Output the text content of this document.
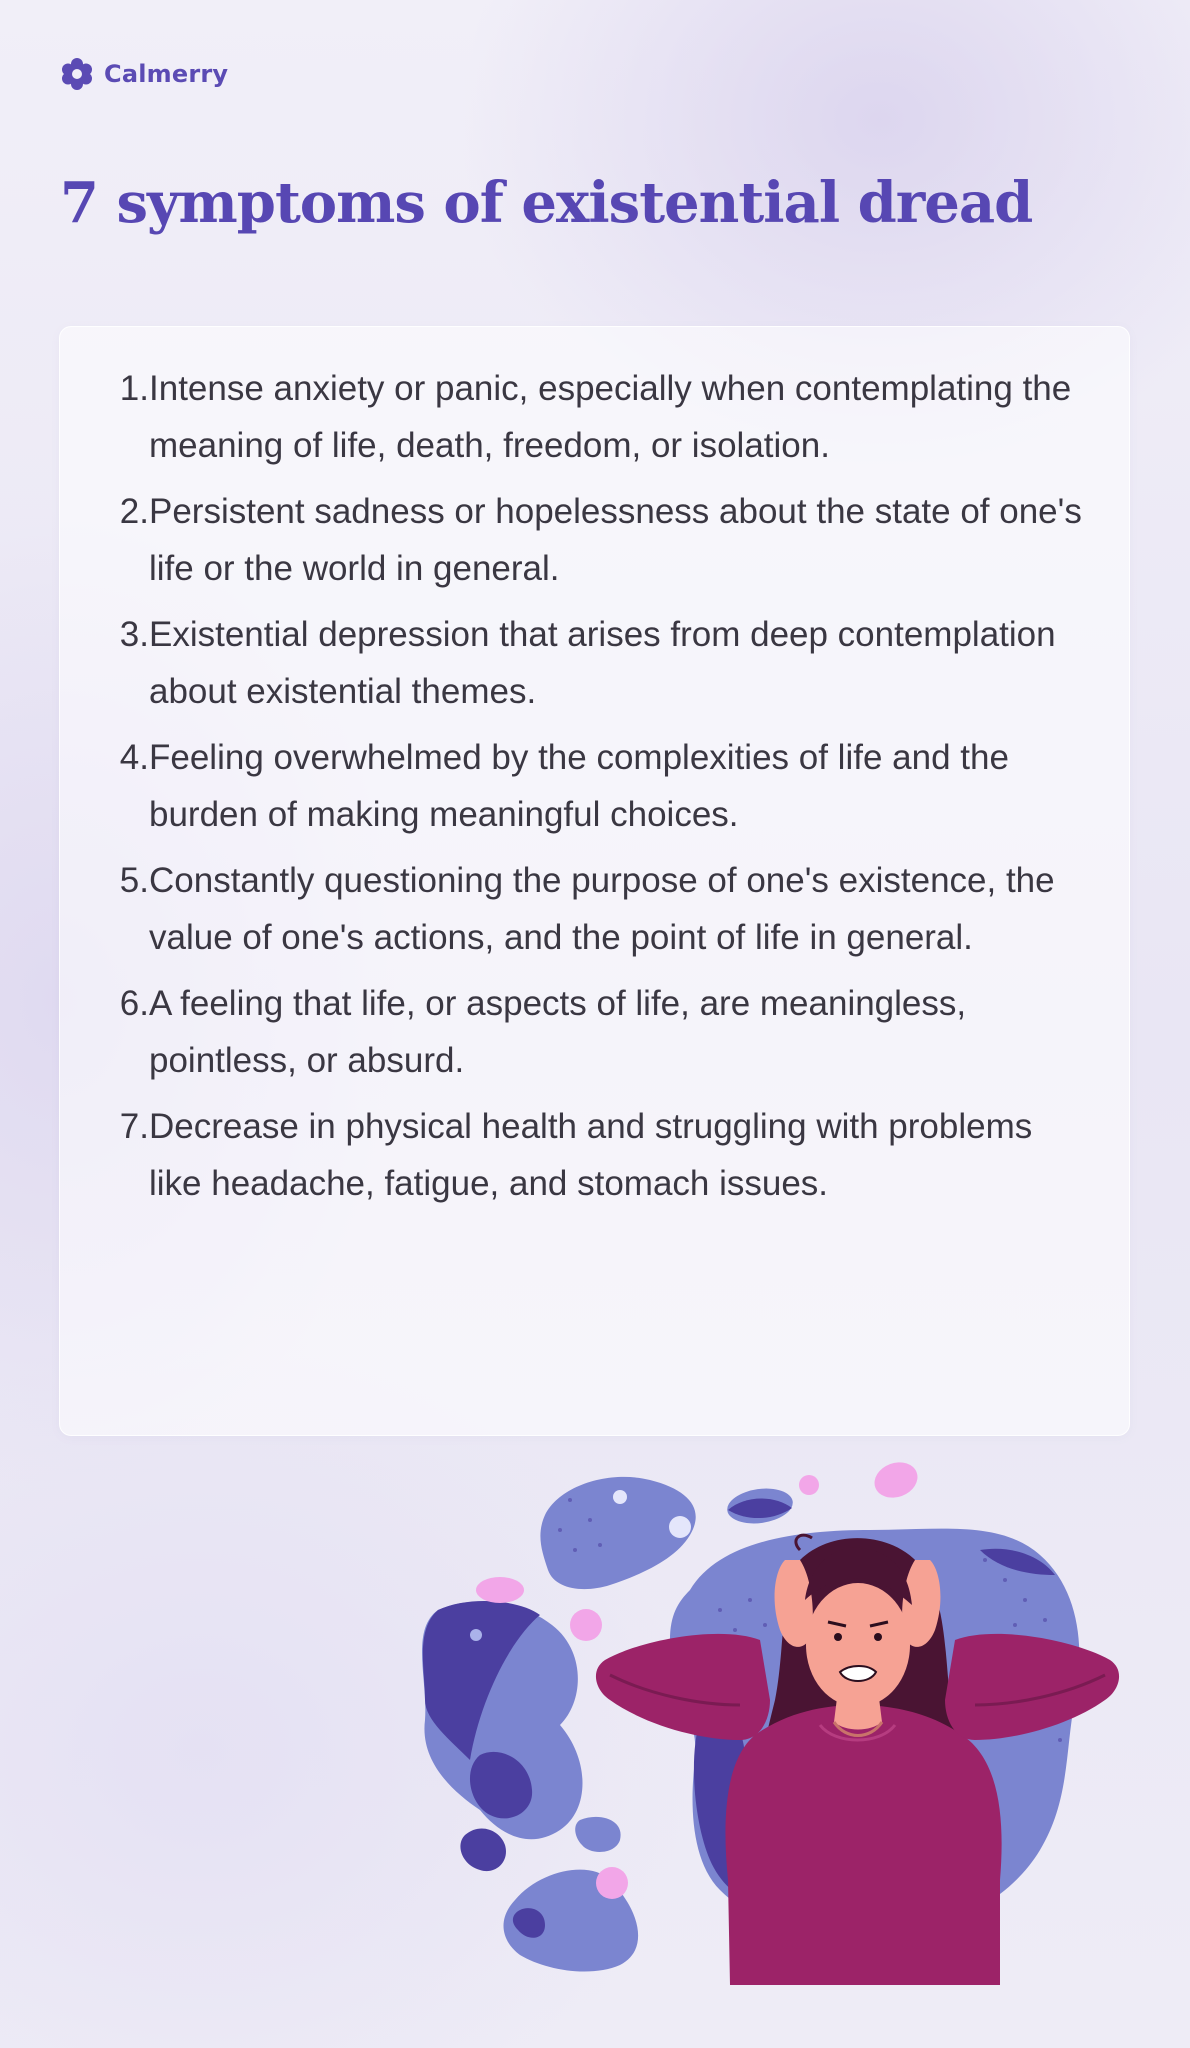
Calmerry
7 symptoms of existential dread
1. Intense anxiety or panic, especially when contemplating the meaning of life, death, freedom, or isolation.
2. Persistent sadness or hopelessness about the state of one's life or the world in general.
3. Existential depression that arises from deep contemplation about existential themes.
4. Feeling overwhelmed by the complexities of life and the burden of making meaningful choices.
5. Constantly questioning the purpose of one's existence, the value of one's actions, and the point of life in general.
6. A feeling that life, or aspects of life, are meaningless, pointless, or absurd.
7. Decrease in physical health and struggling with problems like headache, fatigue, and stomach issues.
